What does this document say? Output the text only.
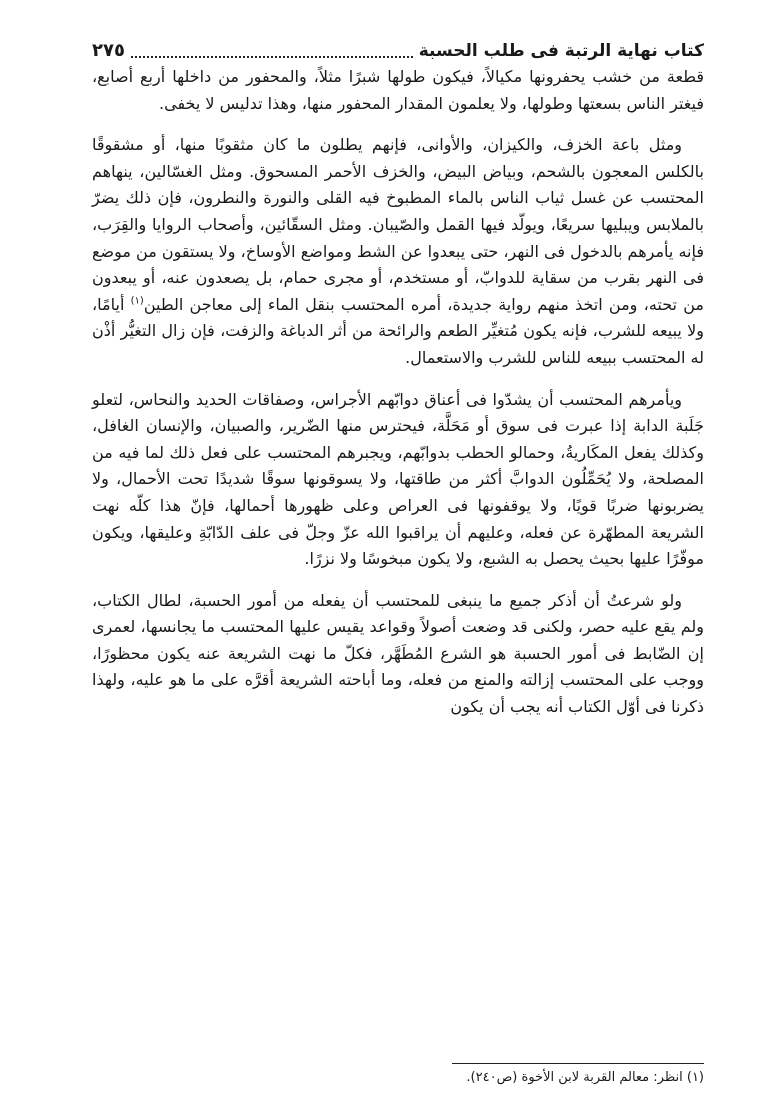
كتاب نهاية الرتبة فى طلب الحسبة
٢٧٥

قطعة من خشب يحفرونها مكيالاً، فيكون طولها شبرًا مثلاً، والمحفور من داخلها أربع أصابع، فيغتر الناس بسعتها وطولها، ولا يعلمون المقدار المحفور منها، وهذا تدليس لا يخفى.

ومثل باعة الخزف، والكيزان، والأوانى، فإنهم يطلون ما كان مثقوبًا منها، أو مشقوقًا بالكلس المعجون بالشحم، وبياض البيض، والخزف الأحمر المسحوق. ومثل الغسّالين، ينهاهم المحتسب عن غسل ثياب الناس بالماء المطبوخ فيه القلى والنورة والنطرون، فإن ذلك يضرّ بالملابس ويبليها سريعًا، ويولّد فيها القمل والصّيبان. ومثل السقّائين، وأصحاب الروايا والقِرَب، فإنه يأمرهم بالدخول فى النهر، حتى يبعدوا عن الشط ومواضع الأوساخ، ولا يستقون من موضع فى النهر بقرب من سقاية للدوابّ، أو مستخدم، أو مجرى حمام، بل يصعدون عنه، أو يبعدون من تحته، ومن اتخذ منهم رواية جديدة، أمره المحتسب بنقل الماء إلى معاجن الطين$^{(١)}$ أيامًا، ولا يبيعه للشرب، فإنه يكون مُتغيِّر الطعم والرائحة من أثر الدباغة والزفت، فإن زال التغيُّر أذْن له المحتسب ببيعه للناس للشرب والاستعمال.

ويأمرهم المحتسب أن يشدّوا فى أعناق دوابّهم الأجراس، وصفاقات الحديد والنحاس، لتعلو جَلَبة الدابة إذا عبرت فى سوق أو مَحَلَّة، فيحترس منها الضّرير، والصبيان، والإنسان الغافل، وكذلك يفعل المكَاريةُ، وحمالو الحطب بدوابّهم، ويجبرهم المحتسب على فعل ذلك لما فيه من المصلحة، ولا يُحَمِّلُون الدوابَّ أكثر من طاقتها، ولا يسوقونها سوقًا شديدًا تحت الأحمال، ولا يضربونها ضربًا قويًا، ولا يوقفونها فى العراص وعلى ظهورها أحمالها، فإنّ هذا كلّه نهت الشريعة المطهّرة عن فعله، وعليهم أن يراقبوا الله عزّ وجلّ فى علف الدّابّةِ وعليقها، ويكون موفّرًا عليها بحيث يحصل به الشبع، ولا يكون مبخوسًا ولا نزرًا.

ولو شرعتُ أن أذكر جميع ما ينبغى للمحتسب أن يفعله من أمور الحسبة، لطال الكتاب، ولم يقع عليه حصر، ولكنى قد وضعت أصولاً وقواعد يقيس عليها المحتسب ما يجانسها، لعمرى إن الضّابط فى أمور الحسبة هو الشرع المُطَهَّر، فكلّ ما نهت الشريعة عنه يكون محظورًا، ووجب على المحتسب إزالته والمنع من فعله، وما أباحته الشريعة أقرَّه على ما هو عليه، ولهذا ذكرنا فى أوّل الكتاب أنه يجب أن يكون

(١) انظر: معالم القربة لابن الأخوة (ص٢٤٠).
